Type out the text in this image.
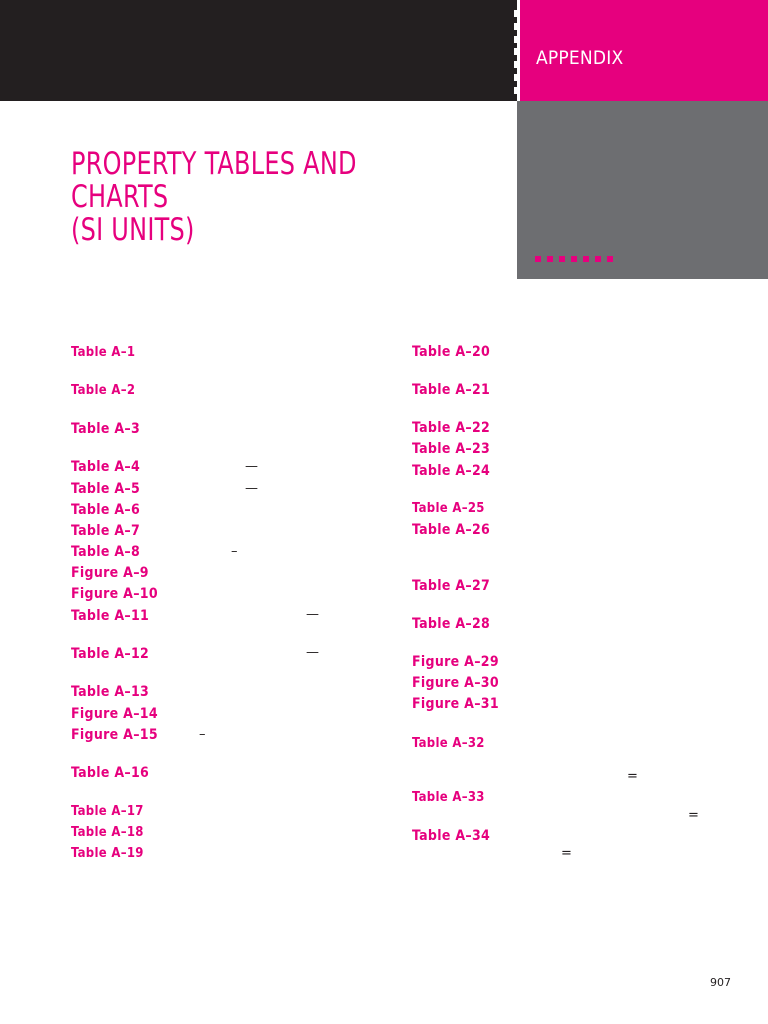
APPENDIX
PROPERTY TABLES AND CHARTS
(SI UNITS)

Table A–1

Table A–2

Table A–3

Table A–4	—

Table A–5	—

Table A–6

Table A–7

Table A–8	–

Figure A–9

Figure A–10

Table A–11	—

Table A–12	—

Table A–13

Figure A–14

Figure A–15	–

Table A–16

Table A–17

Table A–18

Table A–19

Table A–20

Table A–21

Table A–22

Table A–23

Table A–24

Table A–25

Table A–26

Table A–27

Table A–28

Figure A–29

Figure A–30

Figure A–31

Table A–32

=

Table A–33

=

Table A–34

=

907
